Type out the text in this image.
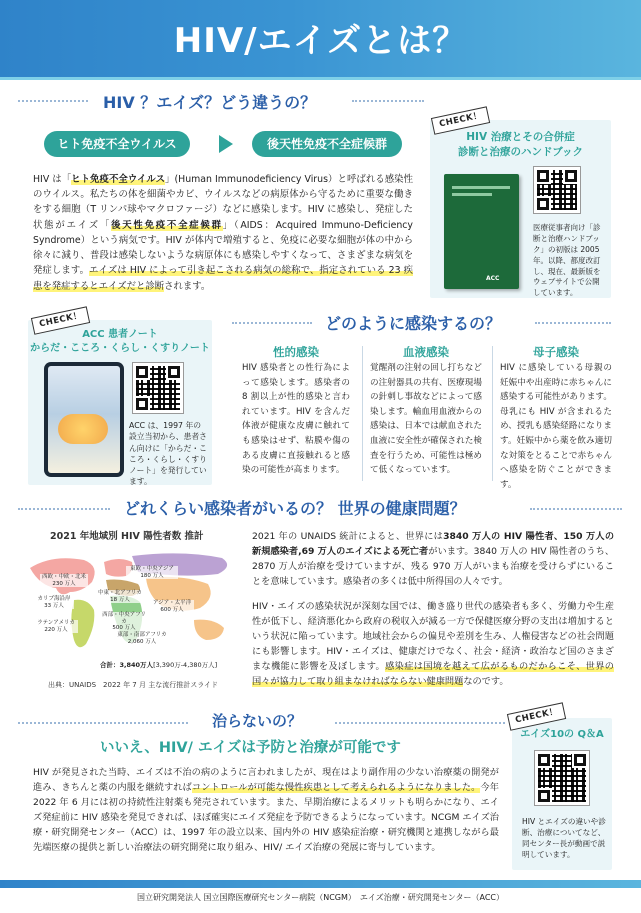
HIV/エイズとは？
HIV ？エイズ？どう違うの？
ヒト免疫不全ウイルス	後天性免疫不全症候群
HIV は「ヒト免疫不全ウイルス」(Human Immunodeficiency Virus）と呼ばれる感染性のウイルス。私たちの体を細菌やカビ、ウイルスなどの病原体から守るために重要な働きをする細胞（T リンパ球やマクロファージ）などに感染します。HIV に感染し、発症した状態がエイズ「後天性免疫不全症候群」（AIDS：Acquired Immuno-Deficiency Syndrome）という病気です。HIV が体内で増殖すると、免疫に必要な細胞が体の中から徐々に減り、普段は感染しないような病原体にも感染しやすくなって、さまざまな病気を発症します。エイズは HIV によって引き起こされる病気の総称で、指定されている 23 疾患を発症するとエイズだと診断されます。
CHECK！
HIV 治療とその合併症
診断と治療のハンドブック
ACC
医療従事者向け「診断と治療ハンドブック」の初版は 2005 年。以降、都度改訂し、現在、最新版をウェブサイトで公開しています。
CHECK！
ACC 患者ノート
からだ・こころ・くらし・くすりノート
ACC は、1997 年の設立当初から、患者さん向けに「からだ・こころ・くらし・くすりノート」を発行しています。
どのように感染するの？
性的感染
HIV 感染者との性行為によって感染します。感染者の 8 割以上が性的感染と言われています。HIV を含んだ体液が健康な皮膚に触れても感染はせず、粘膜や傷のある皮膚に直接触れると感染の可能性が高まります。
血液感染
覚醒剤の注射の回し打ちなどの注射器具の共有、医療現場の針刺し事故などによって感染します。輸血用血液からの感染は、日本では献血された血液に安全性が確保された検査を行うため、可能性は極めて低くなっています。
母子感染
HIV に感染している母親の妊娠中や出産時に赤ちゃんに感染する可能性があります。母乳にも HIV が含まれるため、授乳も感染経路になります。妊娠中から薬を飲み適切な対策をとることで赤ちゃんへ感染を防ぐことができます。
どれくらい感染者がいるの？ 世界の健康問題？
2021 年地域別 HIV 陽性者数 推計
西欧・中欧・北米
230 万人
東欧・中央アジア
180 万人
アジア・太平洋
600 万人
カリブ海沿岸
33 万人
中東・北アフリカ
18 万人
ラテンアメリカ
220 万人
西部・中央アフリカ
500 万人
東部・南部アフリカ
2,060 万人
合計：3,840万人[3,390万-4,380万人]
出典：UNAIDS　2022 年 7 月 主な流行推計スライド
2021 年の UNAIDS 統計によると、世界には3840 万人の HIV 陽性者、150 万人の新規感染者,69 万人のエイズによる死亡者がいます。3840 万人の HIV 陽性者のうち、2870 万人が治療を受けていますが、残る 970 万人がいまも治療を受けらずにいることを意味しています。感染者の多くは低中所得国の人々です。
HIV・エイズの感染状況が深刻な国では、働き盛り世代の感染者も多く、労働力や生産性が低下し、経済悪化から政府の税収入が減る一方で保健医療分野の支出は増加するという状況に陥っています。地域社会からの偏見や差別を生み、人権侵害などの社会問題にも影響します。HIV・エイズは、健康だけでなく、社会・経済・政治など国のさまざまな機能に影響を及ぼします。感染症は国境を越えて広がるものだからこそ、世界の国々が協力して取り組まなければならない健康問題なのです。
治らないの？
いいえ、HIV/ エイズは予防と治療が可能です
HIV が発見された当時、エイズは不治の病のように言われましたが、現在はより副作用の少ない治療薬の開発が進み、きちんと薬の内服を継続すればコントロールが可能な慢性疾患として考えられるようになりました。今年 2022 年 6 月には初の持続性注射薬も発売されています。また、早期治療によるメリットも明らかになり、エイズ発症前に HIV 感染を発見できれば、ほぼ確実にエイズ発症を予防できるようになっています。NCGM エイズ治療・研究開発センター（ACC）は、1997 年の設立以来、国内外の HIV 感染症治療・研究機関と連携しながら最先端医療の提供と新しい治療法の研究開発に取り組み、HIV/ エイズ治療の発展に寄与しています。
CHECK！
エイズ10の Q＆A
HIV とエイズの違いや診断、治療についてなど、同センター長が動画で説明しています。
国立研究開発法人 国立国際医療研究センター病院（NCGM）　エイズ治療・研究開発センター（ACC）
